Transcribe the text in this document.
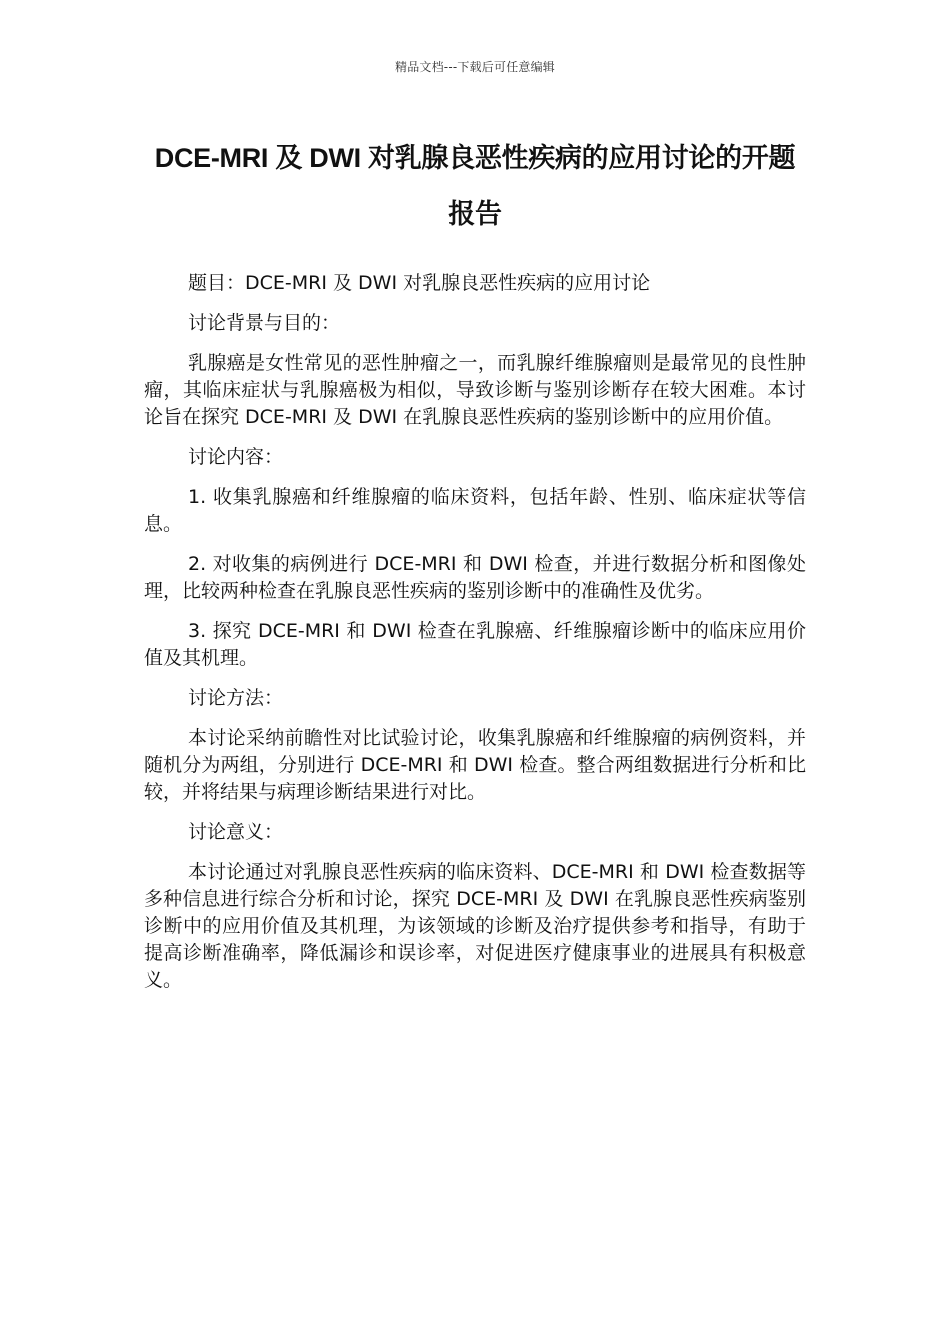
精品文档---下载后可任意编辑
DCE-MRI 及 DWI 对乳腺良恶性疾病的应用讨论的开题报告

题目：DCE-MRI 及 DWI 对乳腺良恶性疾病的应用讨论

讨论背景与目的：

乳腺癌是女性常见的恶性肿瘤之一，而乳腺纤维腺瘤则是最常见的良性肿瘤，其临床症状与乳腺癌极为相似，导致诊断与鉴别诊断存在较大困难。本讨论旨在探究 DCE-MRI 及 DWI 在乳腺良恶性疾病的鉴别诊断中的应用价值。

讨论内容：

1. 收集乳腺癌和纤维腺瘤的临床资料，包括年龄、性别、临床症状等信息。

2. 对收集的病例进行 DCE-MRI 和 DWI 检查，并进行数据分析和图像处理，比较两种检查在乳腺良恶性疾病的鉴别诊断中的准确性及优劣。

3. 探究 DCE-MRI 和 DWI 检查在乳腺癌、纤维腺瘤诊断中的临床应用价值及其机理。

讨论方法：

本讨论采纳前瞻性对比试验讨论，收集乳腺癌和纤维腺瘤的病例资料，并随机分为两组，分别进行 DCE-MRI 和 DWI 检查。整合两组数据进行分析和比较，并将结果与病理诊断结果进行对比。

讨论意义：

本讨论通过对乳腺良恶性疾病的临床资料、DCE-MRI 和 DWI 检查数据等多种信息进行综合分析和讨论，探究 DCE-MRI 及 DWI 在乳腺良恶性疾病鉴别诊断中的应用价值及其机理，为该领域的诊断及治疗提供参考和指导，有助于提高诊断准确率，降低漏诊和误诊率，对促进医疗健康事业的进展具有积极意义。
